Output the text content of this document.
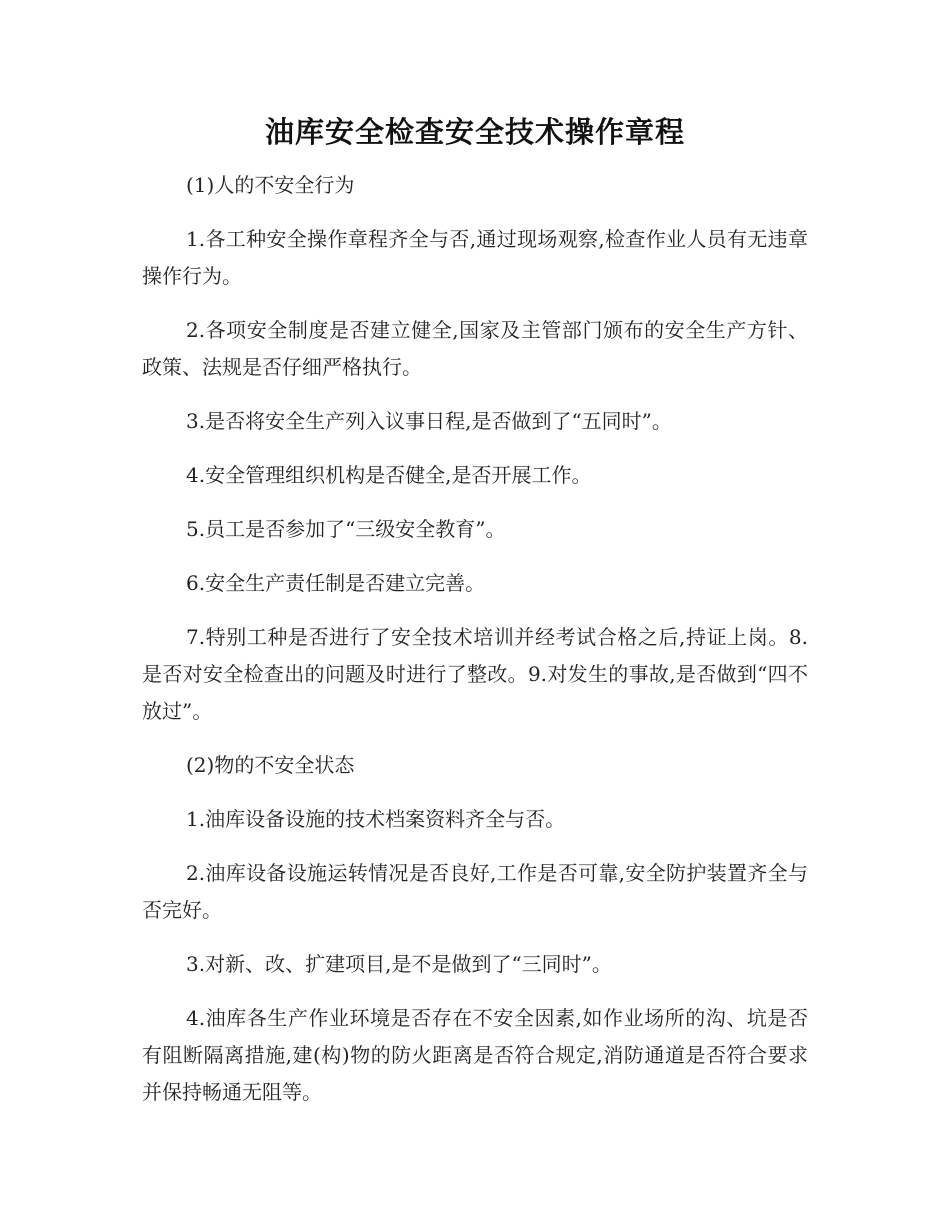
油库安全检查安全技术操作章程

(1)人的不安全行为

1.各工种安全操作章程齐全与否,通过现场观察,检查作业人员有无违章操作行为。

2.各项安全制度是否建立健全,国家及主管部门颁布的安全生产方针、政策、法规是否仔细严格执行。

3.是否将安全生产列入议事日程,是否做到了“五同时”。

4.安全管理组织机构是否健全,是否开展工作。

5.员工是否参加了“三级安全教育”。

6.安全生产责任制是否建立完善。

7.特别工种是否进行了安全技术培训并经考试合格之后,持证上岗。8.是否对安全检查出的问题及时进行了整改。9.对发生的事故,是否做到“四不放过”。

(2)物的不安全状态

1.油库设备设施的技术档案资料齐全与否。

2.油库设备设施运转情况是否良好,工作是否可靠,安全防护装置齐全与否完好。

3.对新、改、扩建项目,是不是做到了“三同时”。

4.油库各生产作业环境是否存在不安全因素,如作业场所的沟、坑是否有阻断隔离措施,建(构)物的防火距离是否符合规定,消防通道是否符合要求并保持畅通无阻等。
